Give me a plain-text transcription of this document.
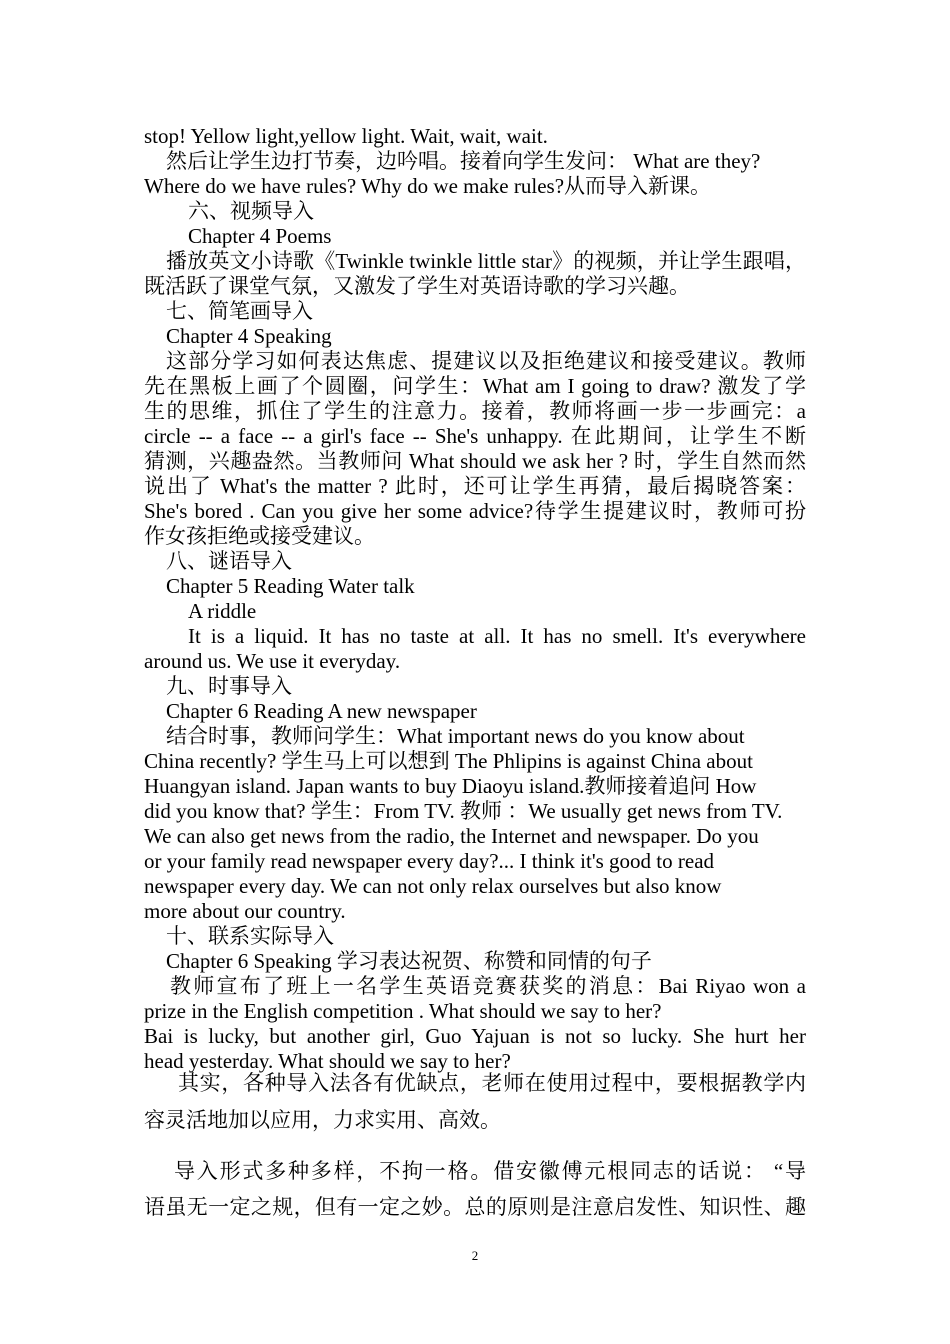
stop! Yellow light,yellow light. Wait, wait, wait.
然后让学生边打节奏，边吟唱。接着向学生发问： What are they?
Where do we have rules? Why do we make rules?从而导入新课。
六、视频导入
Chapter 4 Poems
播放英文小诗歌《Twinkle twinkle little star》的视频，并让学生跟唱，
既活跃了课堂气氛，又激发了学生对英语诗歌的学习兴趣。
七、简笔画导入
Chapter 4 Speaking
这部分学习如何表达焦虑、提建议以及拒绝建议和接受建议。教师
先在黑板上画了个圆圈，问学生：What am I going to draw? 激发了学
生的思维，抓住了学生的注意力。接着，教师将画一步一步画完：a
circle -- a face -- a girl's face -- She's unhappy. 在此期间，让学生不断
猜测，兴趣盎然。当教师问 What should we ask her ? 时，学生自然而然
说出了 What's the matter ? 此时，还可让学生再猜，最后揭晓答案：
She's bored . Can you give her some advice?待学生提建议时，教师可扮
作女孩拒绝或接受建议。
八、谜语导入
Chapter 5 Reading Water talk
A riddle
It is a liquid. It has no taste at all. It has no smell. It's everywhere
around us. We use it everyday.
九、时事导入
Chapter 6 Reading A new newspaper
结合时事，教师问学生：What important news do you know about
China recently? 学生马上可以想到 The Phlipins is against China about
Huangyan island. Japan wants to buy Diaoyu island.教师接着追问 How
did you know that? 学生：From TV. 教师 ：We usually get news from TV.
We can also get news from the radio, the Internet and newspaper. Do you
or your family read newspaper every day?... I think it's good to read
newspaper every day. We can not only relax ourselves but also know
more about our country.
十、联系实际导入
Chapter 6 Speaking 学习表达祝贺、称赞和同情的句子
教师宣布了班上一名学生英语竞赛获奖的消息：Bai Riyao won a
prize in the English competition . What should we say to her?
Bai is lucky, but another girl, Guo Yajuan is not so lucky. She hurt her
head yesterday. What should we say to her?
其实，各种导入法各有优缺点，老师在使用过程中，要根据教学内
容灵活地加以应用，力求实用、高效。
导入形式多种多样，不拘一格。借安徽傅元根同志的话说： “导
语虽无一定之规，但有一定之妙。总的原则是注意启发性、知识性、趣
2
